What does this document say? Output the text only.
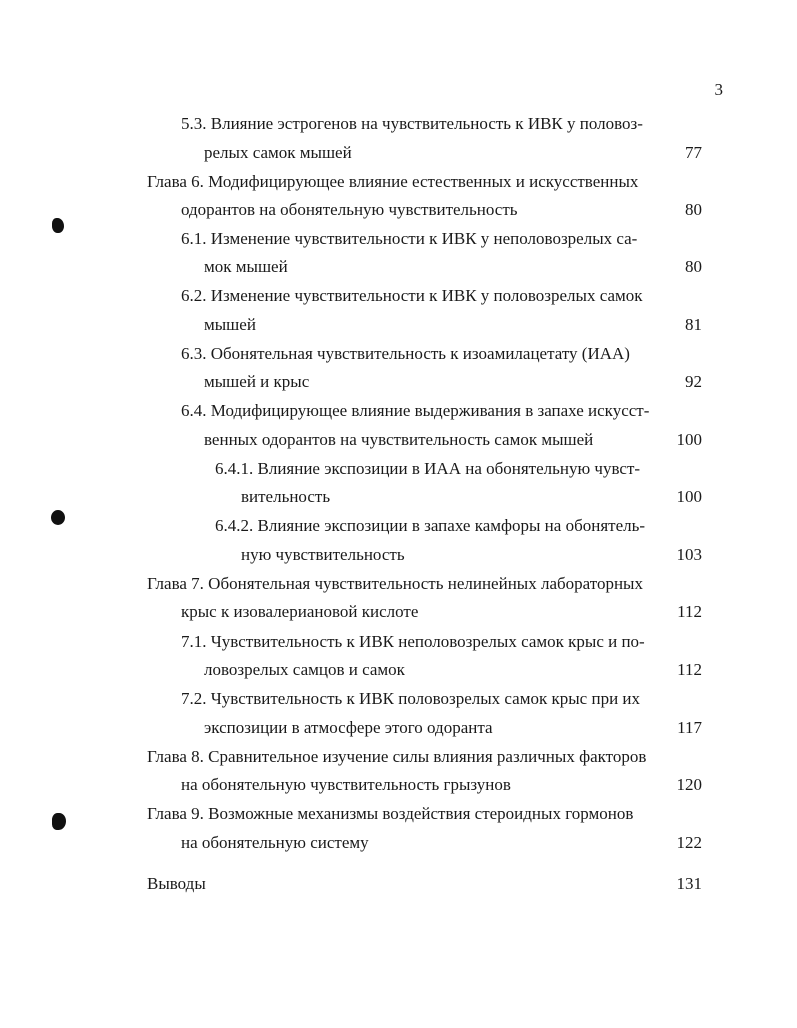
3
5.3. Влияние эстрогенов на чувствительность к ИВК у половоз-
релых самок мышей	77
Глава 6. Модифицирующее влияние естественных и искусственных
одорантов на обонятельную чувствительность	80
6.1. Изменение чувствительности к ИВК у неполовозрелых са-
мок мышей	80
6.2. Изменение чувствительности к ИВК у половозрелых самок
мышей	81
6.3. Обонятельная чувствительность к изоамилацетату (ИАА)
мышей и крыс	92
6.4. Модифицирующее влияние выдерживания в запахе искусст-
венных одорантов на чувствительность самок мышей	100
6.4.1. Влияние экспозиции в ИАА на обонятельную чувст-
вительность	100
6.4.2. Влияние экспозиции в запахе камфоры на обонятель-
ную чувствительность	103
Глава 7. Обонятельная чувствительность нелинейных лабораторных
крыс к изовалериановой кислоте	112
7.1. Чувствительность к ИВК неполовозрелых самок крыс и по-
ловозрелых самцов и самок	112
7.2. Чувствительность к ИВК половозрелых самок крыс при их
экспозиции в атмосфере этого одоранта	117
Глава 8. Сравнительное изучение силы влияния различных факторов
на обонятельную чувствительность грызунов	120
Глава 9. Возможные механизмы воздействия стероидных гормонов
на обонятельную систему	122
Выводы	131
